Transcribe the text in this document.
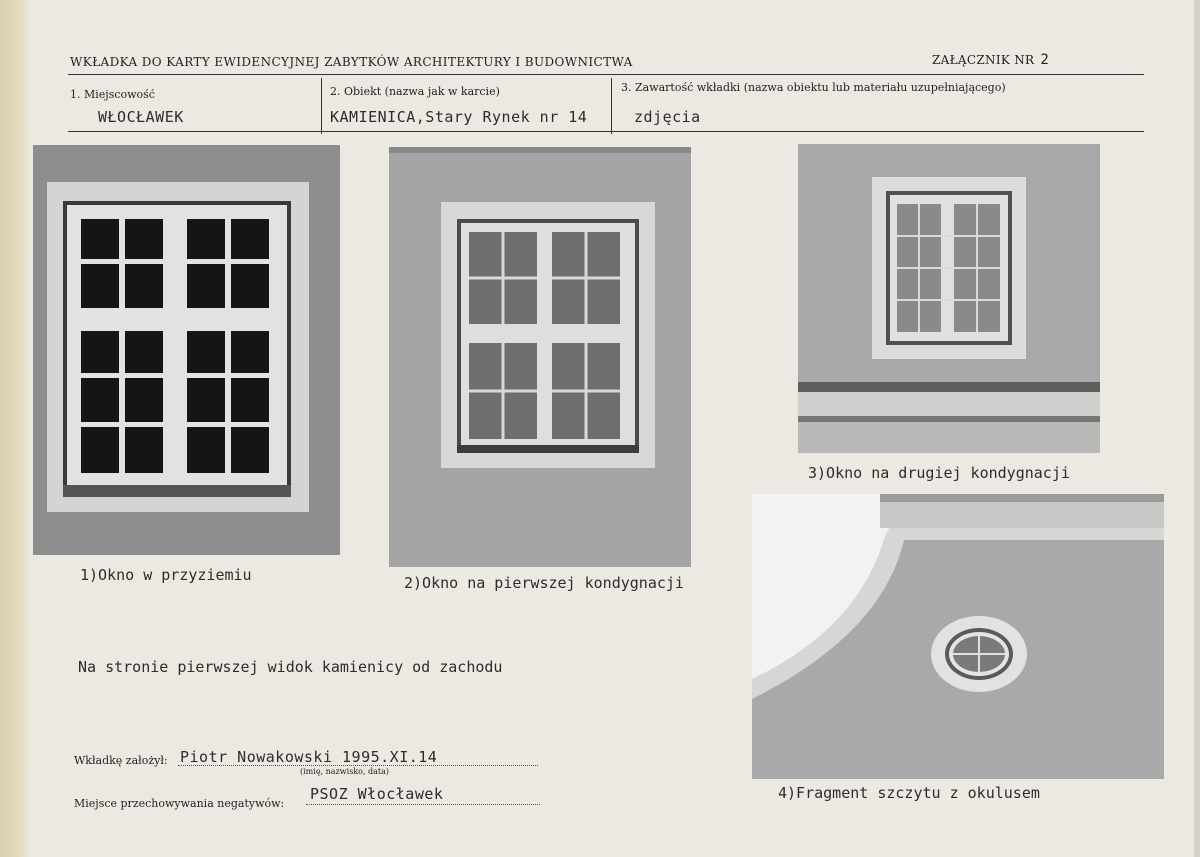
WKŁADKA DO KARTY EWIDENCYJNEJ ZABYTKÓW ARCHITEKTURY I BUDOWNICTWA	ZAŁĄCZNIK NR 2
1. Miejscowość
WŁOCŁAWEK
2. Obiekt (nazwa jak w karcie)
KAMIENICA,Stary Rynek nr 14
3. Zawartość wkładki (nazwa obiektu lub materiału uzupełniającego)
zdjęcia
1)Okno w przyziemiu	2)Okno na pierwszej kondygnacji
3)Okno na drugiej kondygnacji
4)Fragment szczytu z okulusem
Na stronie pierwszej widok kamienicy od zachodu
Wkładkę założył: Piotr Nowakowski 1995.XI.14
(imię, nazwisko, data)
Miejsce przechowywania negatywów:
PSOZ Włocławek
